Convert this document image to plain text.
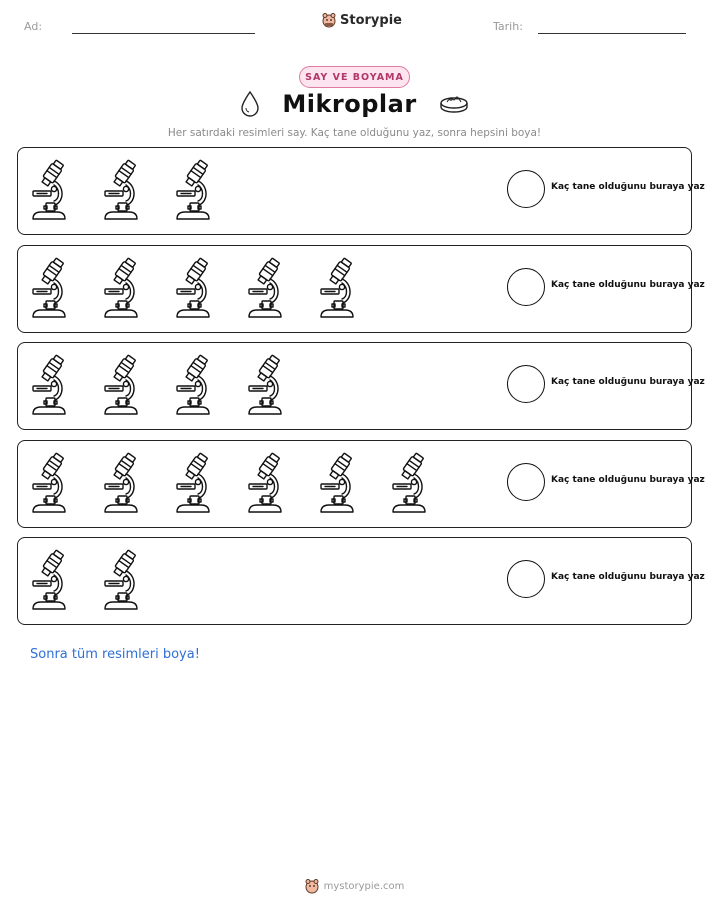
Ad:	Storypie	Tarih:
SAY VE BOYAMA
Mikroplar
Her satırdaki resimleri say. Kaç tane olduğunu yaz, sonra hepsini boya!
Kaç tane olduğunu buraya yaz
Kaç tane olduğunu buraya yaz
Kaç tane olduğunu buraya yaz
Kaç tane olduğunu buraya yaz
Kaç tane olduğunu buraya yaz
Sonra tüm resimleri boya!
mystorypie.com
